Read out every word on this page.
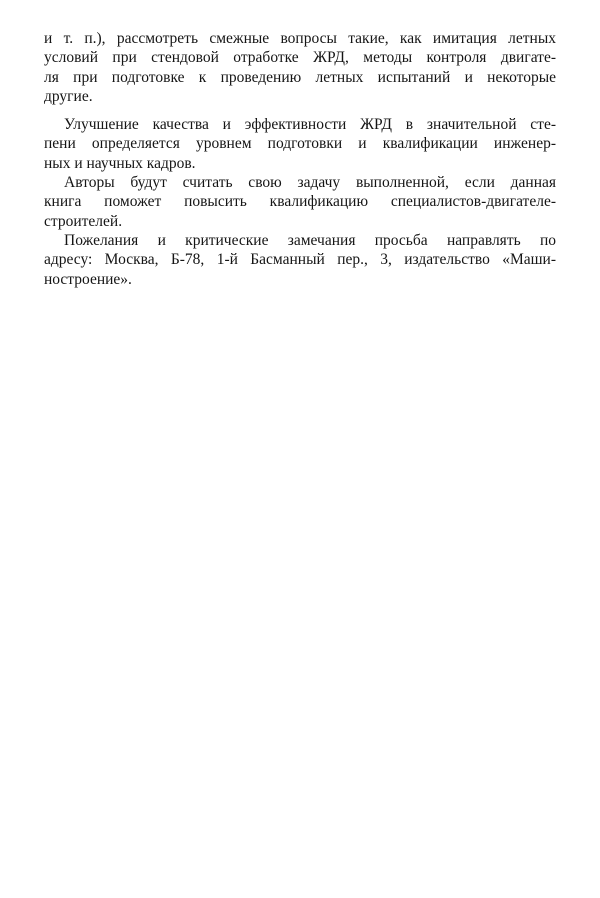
и т. п.), рассмотреть смежные вопросы такие, как имитация летных
условий при стендовой отработке ЖРД, методы контроля двигате-
ля при подготовке к проведению летных испытаний и некоторые
другие.

Улучшение качества и эффективности ЖРД в значительной сте-
пени определяется уровнем подготовки и квалификации инженер-
ных и научных кадров.

Авторы будут считать свою задачу выполненной, если данная
книга поможет повысить квалификацию специалистов-двигателе-
строителей.

Пожелания и критические замечания просьба направлять по
адресу: Москва, Б-78, 1-й Басманный пер., 3, издательство «Маши-
ностроение».
